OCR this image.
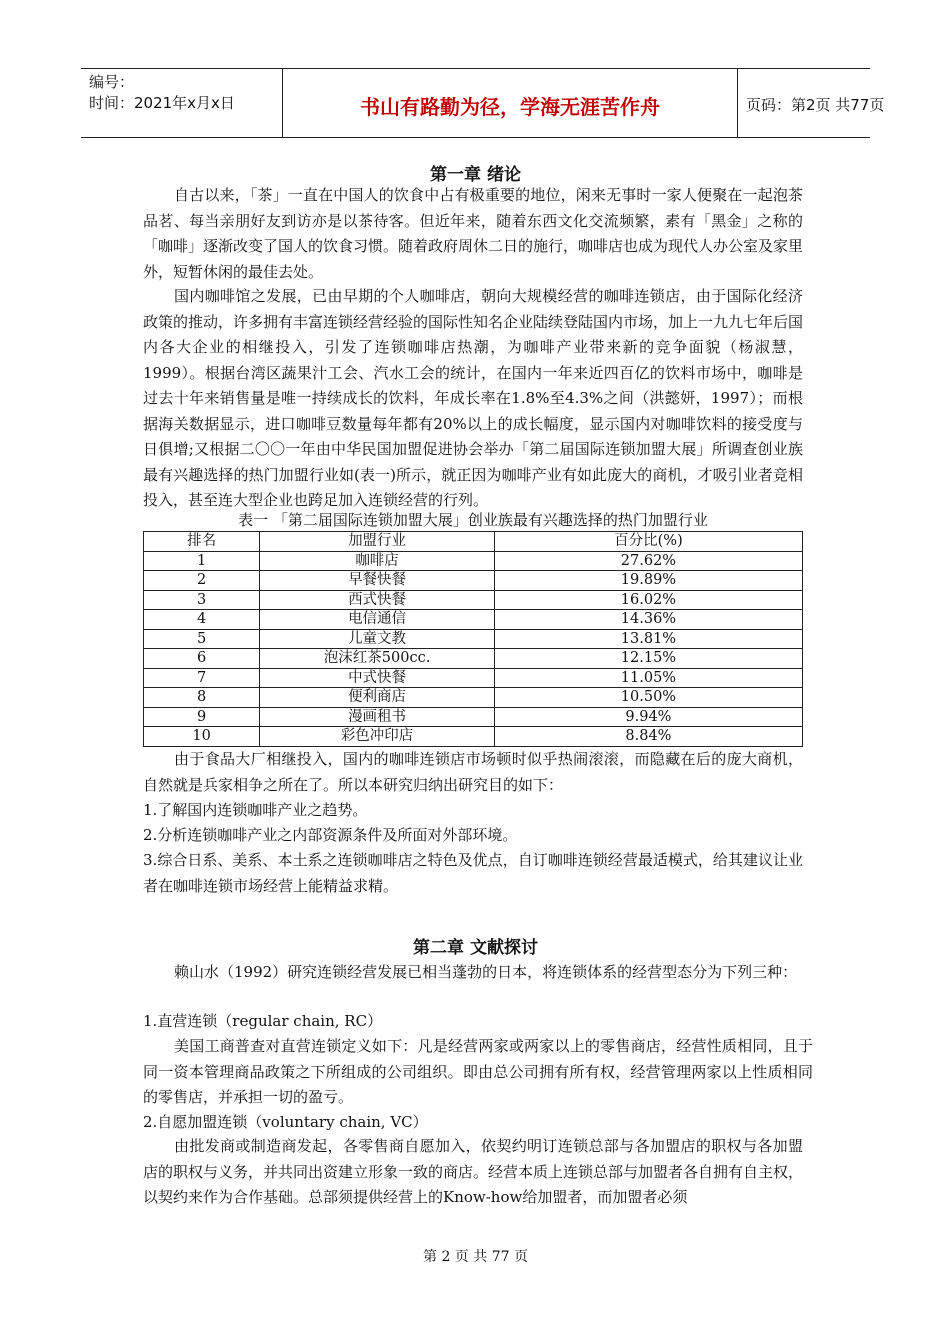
编号：
时间：2021年x月x日	书山有路勤为径，学海无涯苦作舟	页码：第2页 共77页
第一章 绪论
自古以来，「茶」一直在中国人的饮食中占有极重要的地位，闲来无事时一家人便聚在一起泡茶品茗、每当亲朋好友到访亦是以茶待客。但近年来，随着东西文化交流频繁，素有「黑金」之称的「咖啡」逐渐改变了国人的饮食习惯。随着政府周休二日的施行，咖啡店也成为现代人办公室及家里外，短暂休闲的最佳去处。
国内咖啡馆之发展，已由早期的个人咖啡店，朝向大规模经营的咖啡连锁店，由于国际化经济政策的推动，许多拥有丰富连锁经营经验的国际性知名企业陆续登陆国内市场，加上一九九七年后国内各大企业的相继投入，引发了连锁咖啡店热潮，为咖啡产业带来新的竞争面貌（杨淑慧，1999）。根据台湾区蔬果汁工会、汽水工会的统计，在国内一年来近四百亿的饮料市场中，咖啡是过去十年来销售量是唯一持续成长的饮料，年成长率在1.8%至4.3%之间（洪懿妍，1997）；而根据海关数据显示，进口咖啡豆数量每年都有20%以上的成长幅度，显示国内对咖啡饮料的接受度与日俱增;又根据二〇〇一年由中华民国加盟促进协会举办「第二届国际连锁加盟大展」所调查创业族最有兴趣选择的热门加盟行业如(表一)所示，就正因为咖啡产业有如此庞大的商机，才吸引业者竞相投入，甚至连大型企业也跨足加入连锁经营的行列。
表一 「第二届国际连锁加盟大展」创业族最有兴趣选择的热门加盟行业
排名	加盟行业	百分比(%)
1	咖啡店	27.62%
2	早餐快餐	19.89%
3	西式快餐	16.02%
4	电信通信	14.36%
5	儿童文教	13.81%
6	泡沫红茶500cc.	12.15%
7	中式快餐	11.05%
8	便利商店	10.50%
9	漫画租书	9.94%
10	彩色冲印店	8.84%
由于食品大厂相继投入，国内的咖啡连锁店市场顿时似乎热闹滚滚，而隐藏在后的庞大商机，自然就是兵家相争之所在了。所以本研究归纳出研究目的如下：
1.了解国内连锁咖啡产业之趋势。
2.分析连锁咖啡产业之内部资源条件及所面对外部环境。
3.综合日系、美系、本土系之连锁咖啡店之特色及优点，自订咖啡连锁经营最适模式，给其建议让业者在咖啡连锁市场经营上能精益求精。
第二章 文献探讨
赖山水（1992）研究连锁经营发展已相当蓬勃的日本，将连锁体系的经营型态分为下列三种：
1.直营连锁（regular chain, RC）
美国工商普查对直营连锁定义如下：凡是经营两家或两家以上的零售商店，经营性质相同，且于同一资本管理商品政策之下所组成的公司组织。即由总公司拥有所有权，经营管理两家以上性质相同的零售店，并承担一切的盈亏。
2.自愿加盟连锁（voluntary chain, VC）
由批发商或制造商发起，各零售商自愿加入，依契约明订连锁总部与各加盟店的职权与各加盟店的职权与义务，并共同出资建立形象一致的商店。经营本质上连锁总部与加盟者各自拥有自主权，以契约来作为合作基础。总部须提供经营上的Know-how给加盟者，而加盟者必须
第 2 页 共 77 页
